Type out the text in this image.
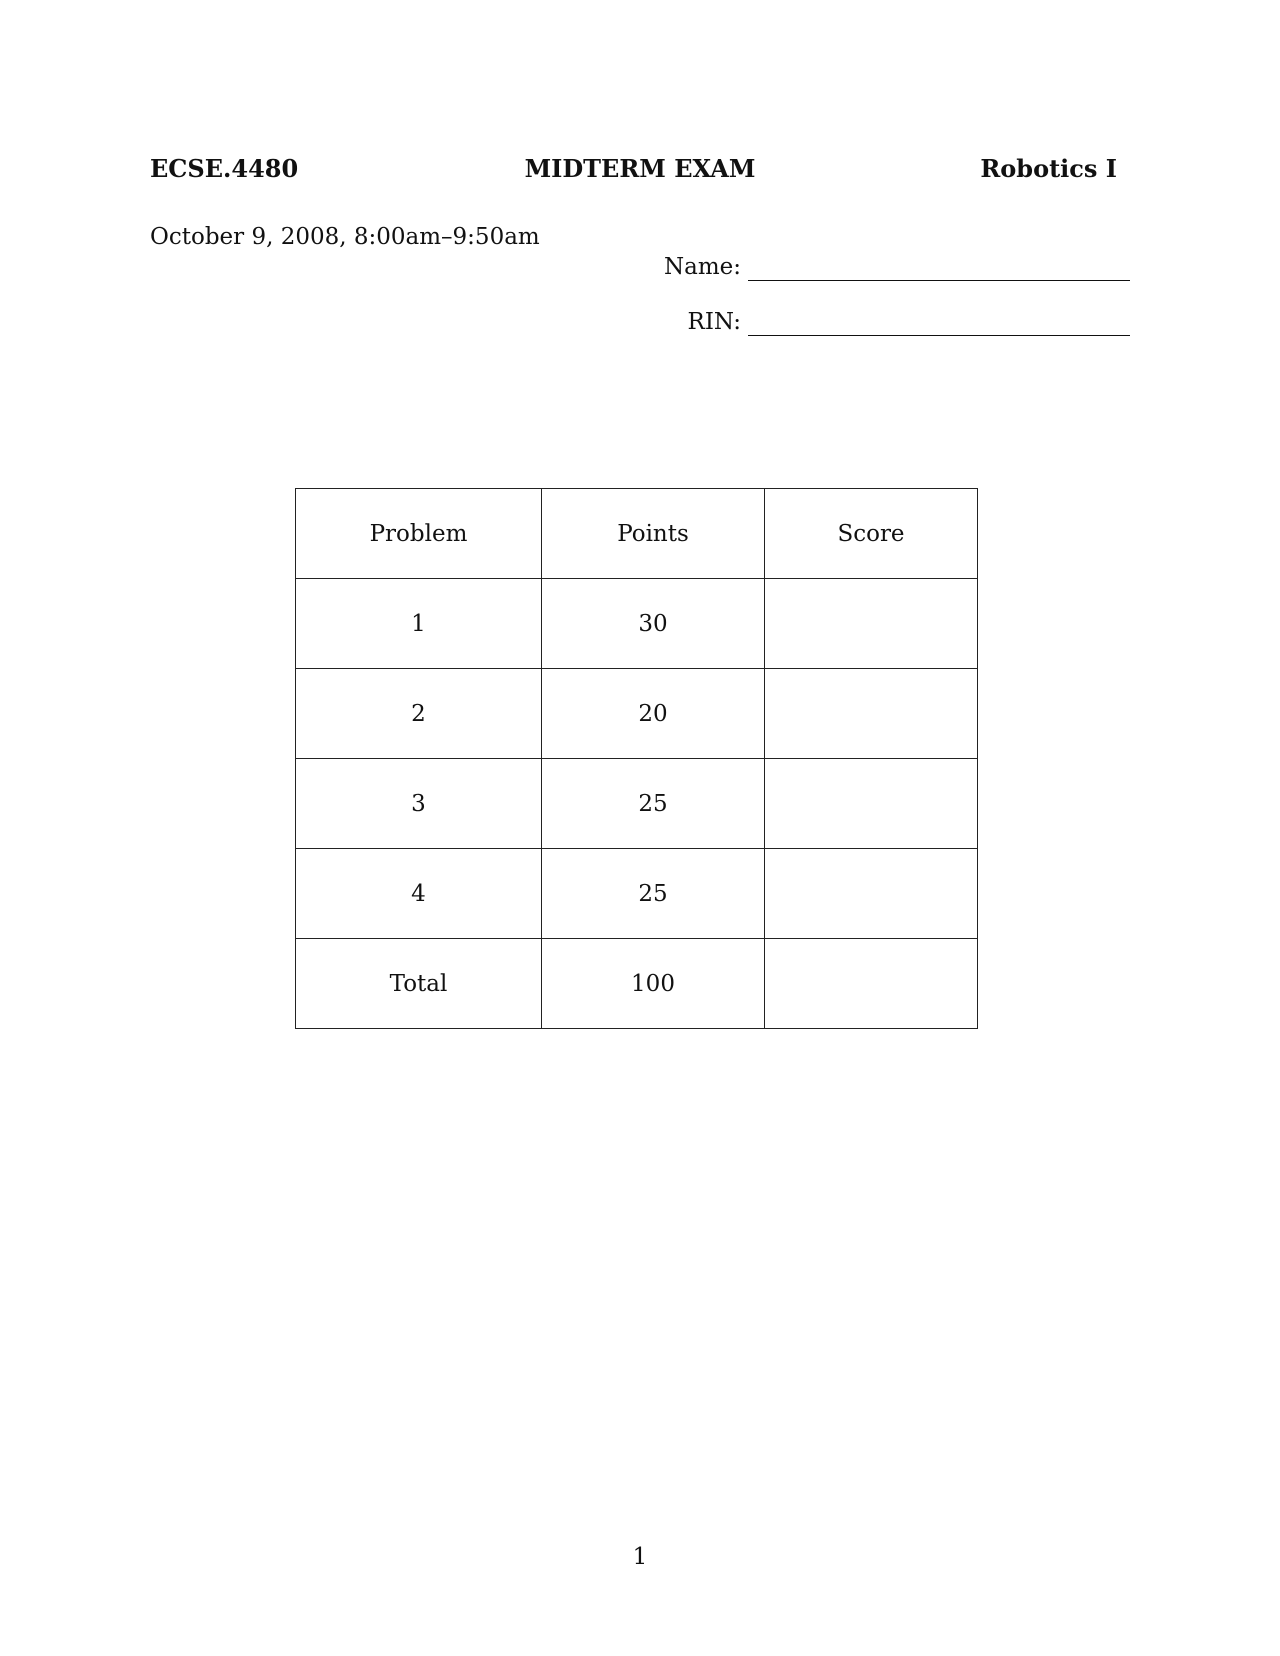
ECSE.4480	MIDTERM EXAM	Robotics I
October 9, 2008, 8:00am–9:50am
Name:
RIN:
Problem	Points	Score
1	30	
2	20	
3	25	
4	25	
Total	100	
1
